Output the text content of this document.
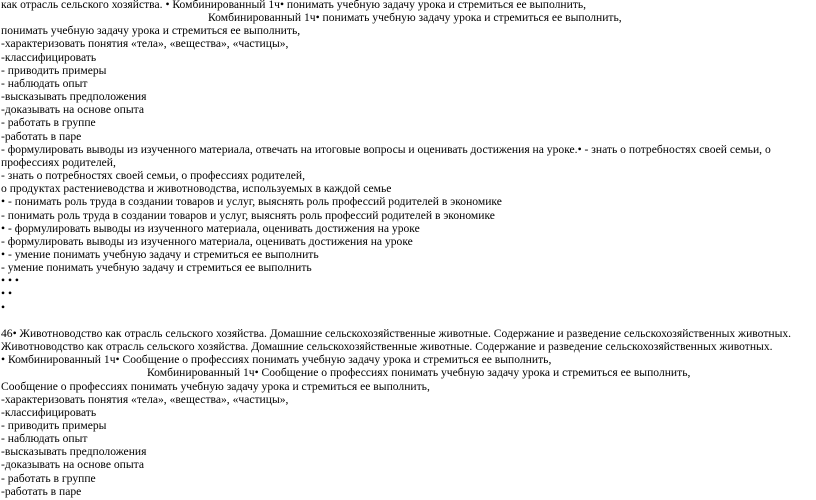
как отрасль сельского хозяйства. • Комбинированный 1ч• понимать учебную задачу урока и стремиться ее выполнить,
Комбинированный 1ч• понимать учебную задачу урока и стремиться ее выполнить,
понимать учебную задачу урока и стремиться ее выполнить,
-характеризовать понятия «тела», «вещества», «частицы»,
-классифицировать
- приводить примеры
- наблюдать опыт
-высказывать предположения
-доказывать на основе опыта
- работать в группе
-работать в паре
- формулировать выводы из изученного материала, отвечать на итоговые вопросы и оценивать достижения на уроке.• - знать о потребностях своей семьи, о профессиях родителей,
- знать о потребностях своей семьи, о профессиях родителей,
о продуктах растениеводства и животноводства, используемых в каждой семье
• - понимать роль труда в создании товаров и услуг, выяснять роль профессий родителей в экономике
- понимать роль труда в создании товаров и услуг, выяснять роль профессий родителей в экономике
• - формулировать выводы из изученного материала, оценивать достижения на уроке
- формулировать выводы из изученного материала, оценивать достижения на уроке
• - умение понимать учебную задачу и стремиться ее выполнить
- умение понимать учебную задачу и стремиться ее выполнить
• • •
• •
•

46• Животноводство как отрасль сельского хозяйства. Домашние сельскохозяйственные животные. Содержание и разведение сельскохозяйственных животных.
Животноводство как отрасль сельского хозяйства. Домашние сельскохозяйственные животные. Содержание и разведение сельскохозяйственных животных.
• Комбинированный 1ч• Сообщение о профессиях понимать учебную задачу урока и стремиться ее выполнить,
Комбинированный 1ч• Сообщение о профессиях понимать учебную задачу урока и стремиться ее выполнить,
Сообщение о профессиях понимать учебную задачу урока и стремиться ее выполнить,
-характеризовать понятия «тела», «вещества», «частицы»,
-классифицировать
- приводить примеры
- наблюдать опыт
-высказывать предположения
-доказывать на основе опыта
- работать в группе
-работать в паре
